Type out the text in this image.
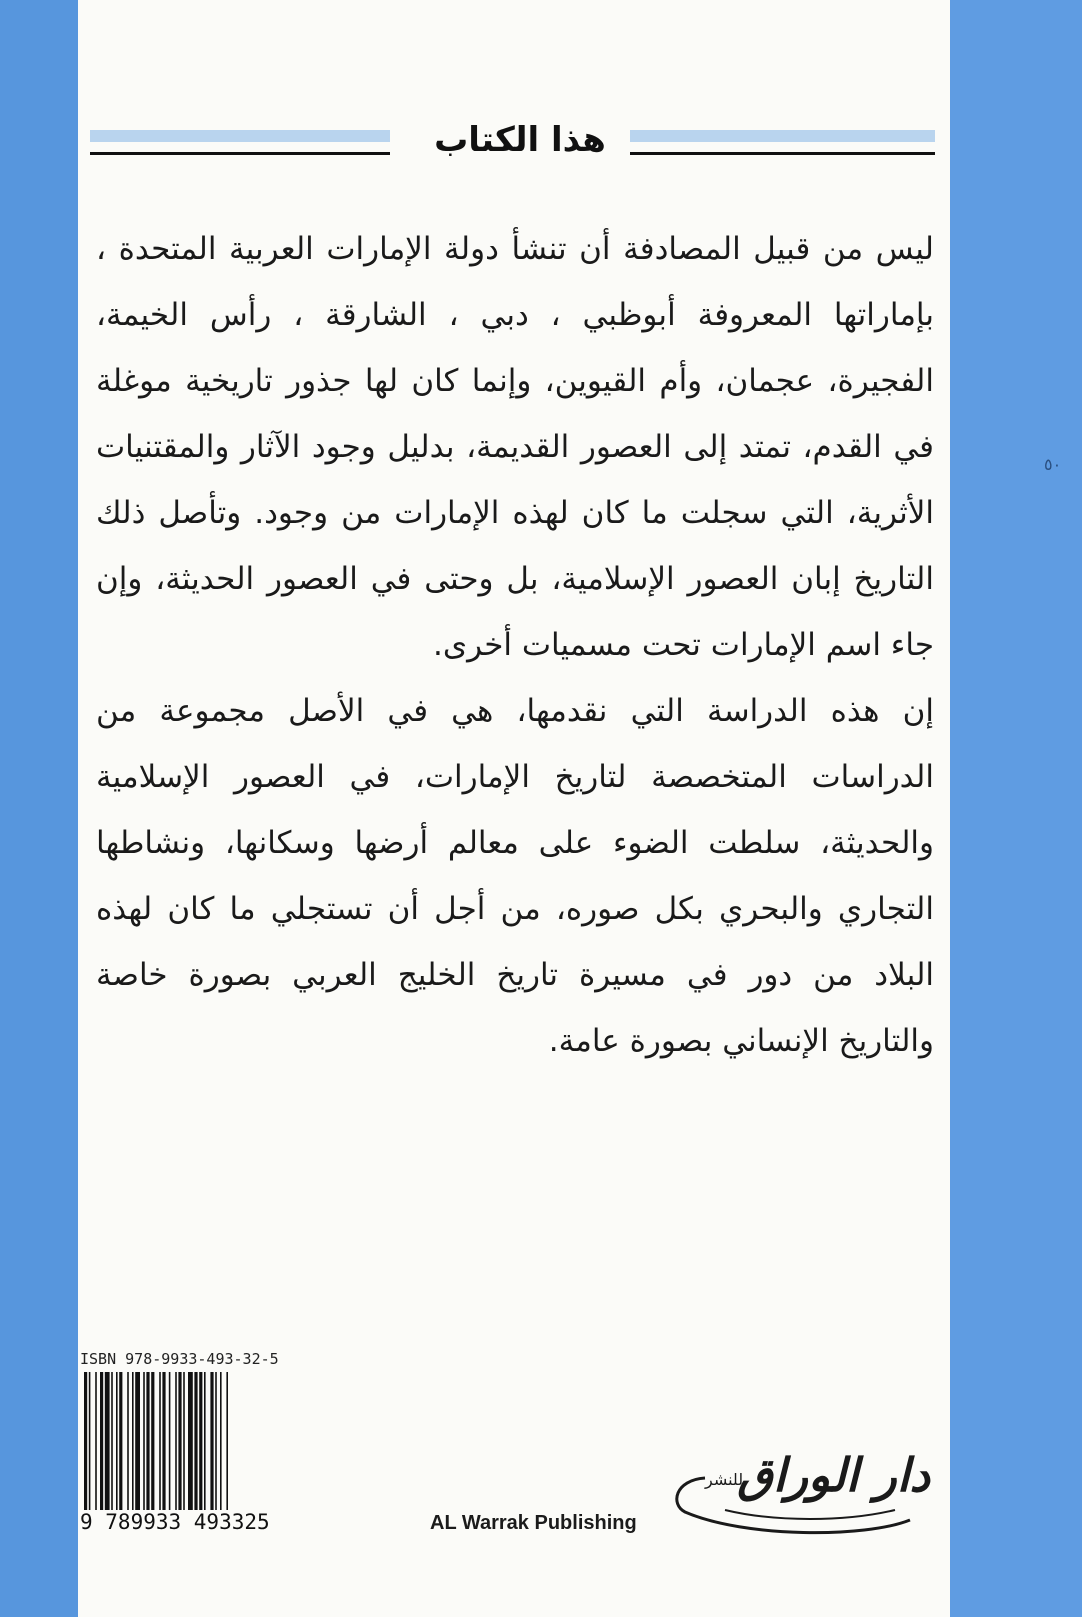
٥٠
هذا الكتاب

ليس من قبيل المصادفة أن تنشأ دولة الإمارات العربية المتحدة ، بإماراتها المعروفة أبوظبي ، دبي ، الشارقة ، رأس الخيمة، الفجيرة، عجمان، وأم القيوين، وإنما كان لها جذور تاريخية موغلة في القدم، تمتد إلى العصور القديمة، بدليل وجود الآثار والمقتنيات الأثرية، التي سجلت ما كان لهذه الإمارات من وجود. وتأصل ذلك التاريخ إبان العصور الإسلامية، بل وحتى في العصور الحديثة، وإن جاء اسم الإمارات تحت مسميات أخرى.

إن هذه الدراسة التي نقدمها، هي في الأصل مجموعة من الدراسات المتخصصة لتاريخ الإمارات، في العصور الإسلامية والحديثة، سلطت الضوء على معالم أرضها وسكانها، ونشاطها التجاري والبحري بكل صوره، من أجل أن تستجلي ما كان لهذه البلاد من دور في مسيرة تاريخ الخليج العربي بصورة خاصة والتاريخ الإنساني بصورة عامة.

ISBN 978-9933-493-32-5
9 789933 493325	AL Warrak Publishing
دار الوراق
للنشر
